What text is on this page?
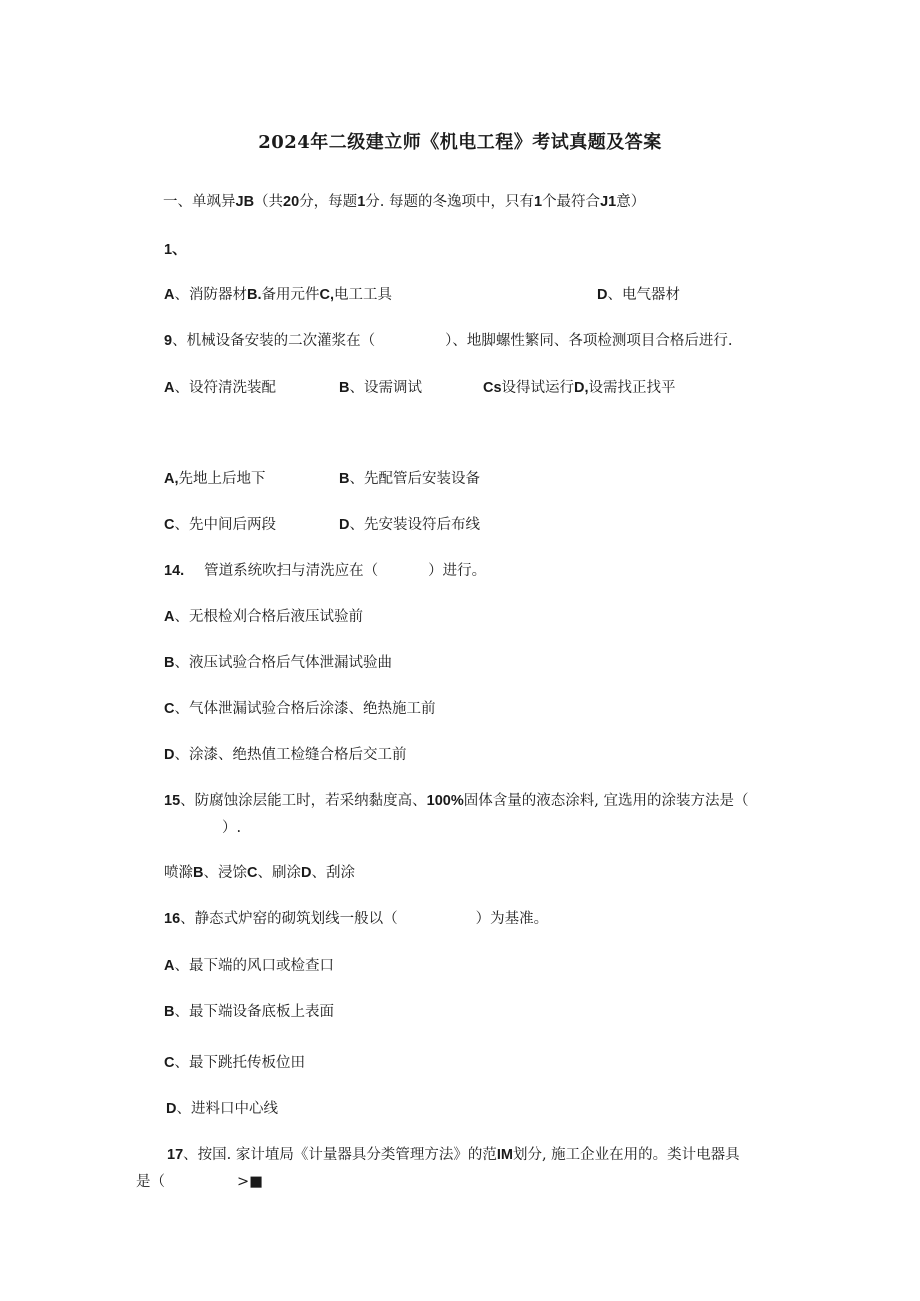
2024年二级建立师《机电工程》考试真题及答案
一、单飒异JB（共20分，每题1分. 每题的冬逸项中，只有1个最符合J1意）
1、
A、消防器材B.备用元件C,电工工具	D、电气器材
9、机械设备安装的二次灌浆在（	）、地脚螺性繁同、各项检测项目合格后进行.
A、设符清洗装配	B、设需调试	Cs设得试运行D,设需找正找平
A,先地上后地下	B、先配管后安装设备
C、先中间后两段	D、先安装设符后布线
14. 管道系统吹扫与清洗应在（	）进行。
A、无根检刈合格后液压试验前
B、液压试验合格后气体泄漏试验曲
C、气体泄漏试验合格后涂漆、绝热施工前
D、涂漆、绝热值工检缝合格后交工前
15、防腐蚀涂层能工时，若采纳黏度高、100%固体含量的液态涂料, 宜选用的涂装方法是（
）.
喷滁B、浸馀C、刷涂D、刮涂
16、静态式炉窑的砌筑划线一般以（	）为基准。
A、最下端的风口或检查口
B、最下端设备底板上表面
C、最下跳托传板位田
D、进料口中心线
17、按国. 家计埴局《计量器具分类管理方法》的范IM划分, 施工企业在用的。类计电器具
是（	>■
